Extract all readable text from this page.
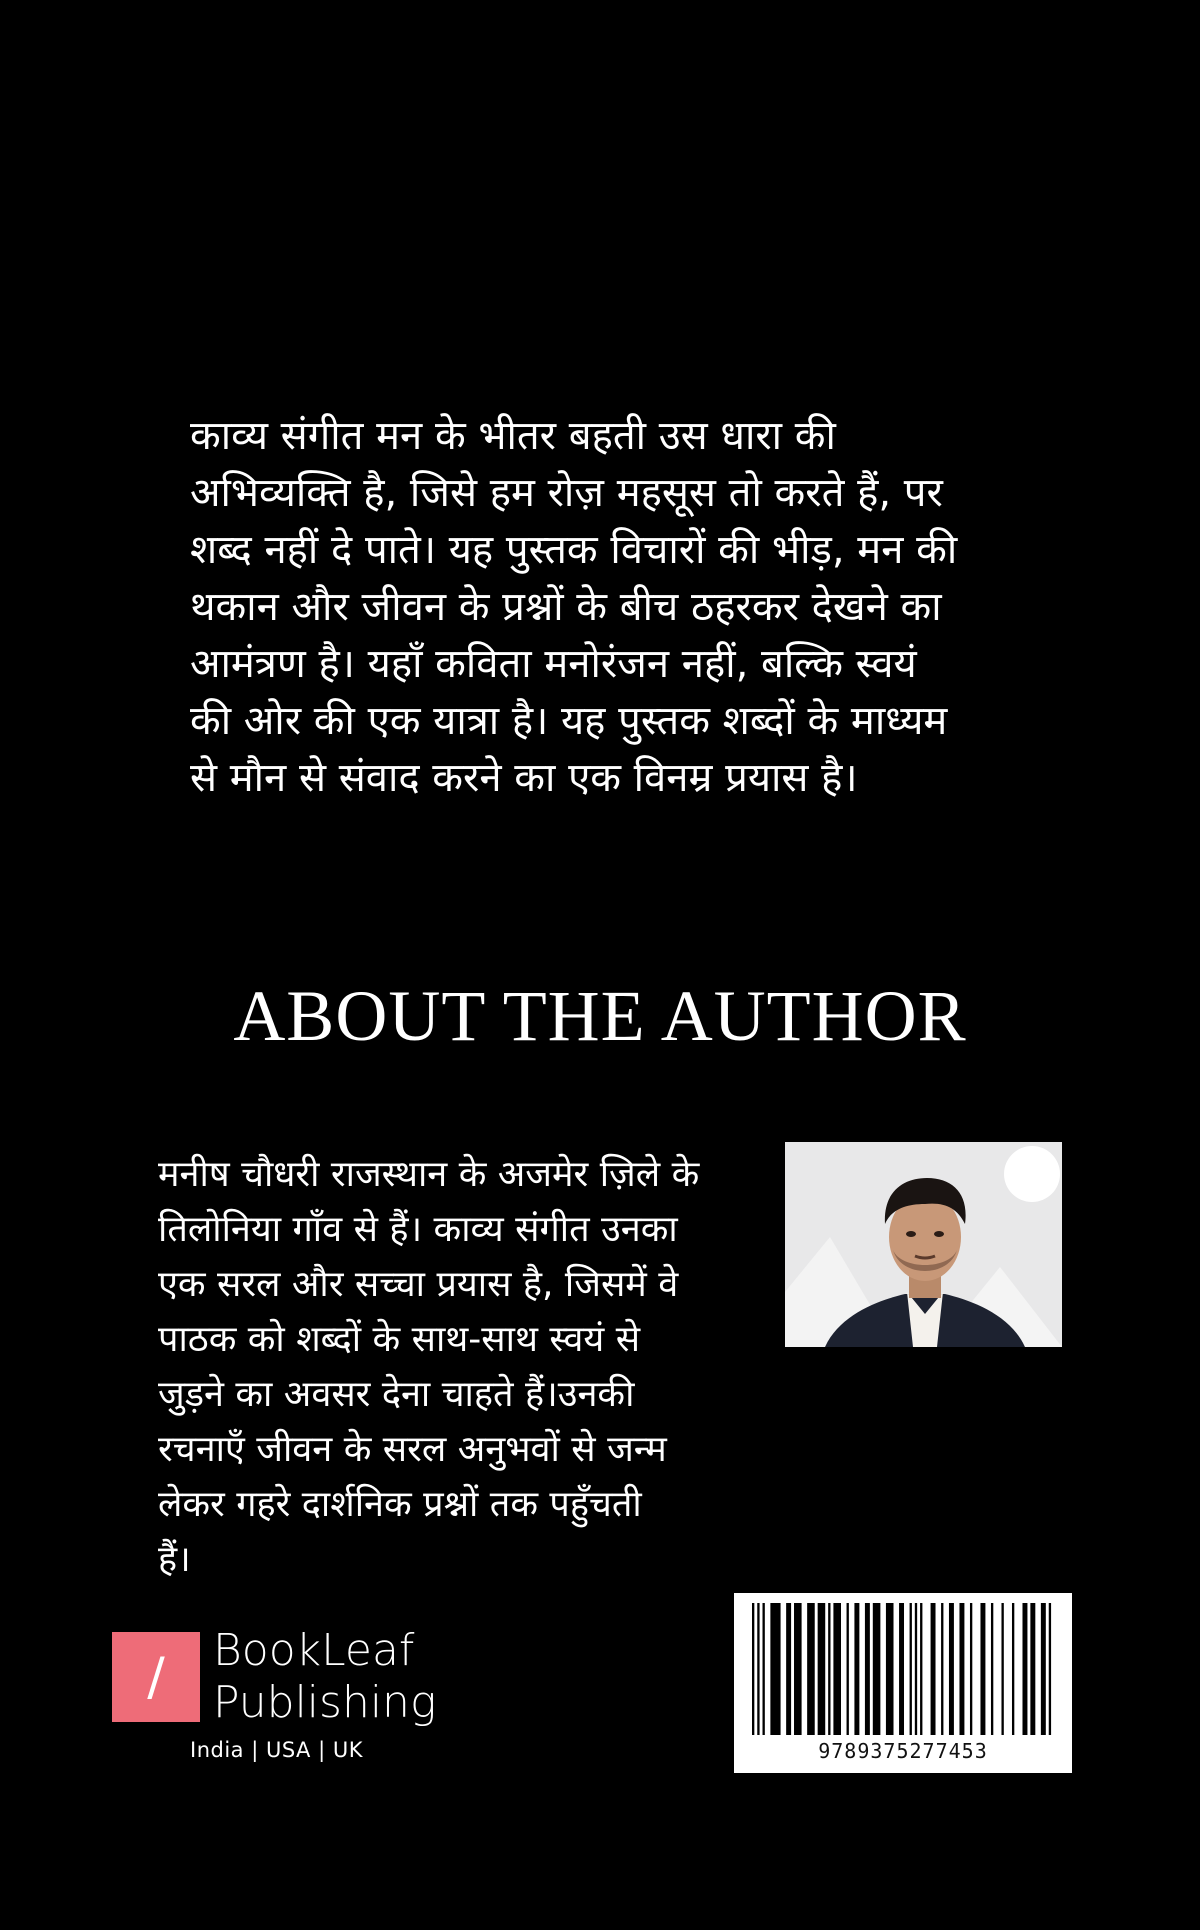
काव्य संगीत मन के भीतर बहती उस धारा की
अभिव्यक्ति है, जिसे हम रोज़ महसूस तो करते हैं, पर
शब्द नहीं दे पाते। यह पुस्तक विचारों की भीड़, मन की
थकान और जीवन के प्रश्नों के बीच ठहरकर देखने का
आमंत्रण है। यहाँ कविता मनोरंजन नहीं, बल्कि स्वयं
की ओर की एक यात्रा है। यह पुस्तक शब्दों के माध्यम
से मौन से संवाद करने का एक विनम्र प्रयास है।
ABOUT THE AUTHOR
मनीष चौधरी राजस्थान के अजमेर ज़िले के
तिलोनिया गाँव से हैं। काव्य संगीत उनका
एक सरल और सच्चा प्रयास है, जिसमें वे
पाठक को शब्दों के साथ-साथ स्वयं से
जुड़ने का अवसर देना चाहते हैं।उनकी
रचनाएँ जीवन के सरल अनुभवों से जन्म
लेकर गहरे दार्शनिक प्रश्नों तक पहुँचती
हैं।
/	BookLeaf
Publishing
India | USA | UK	9789375277453
